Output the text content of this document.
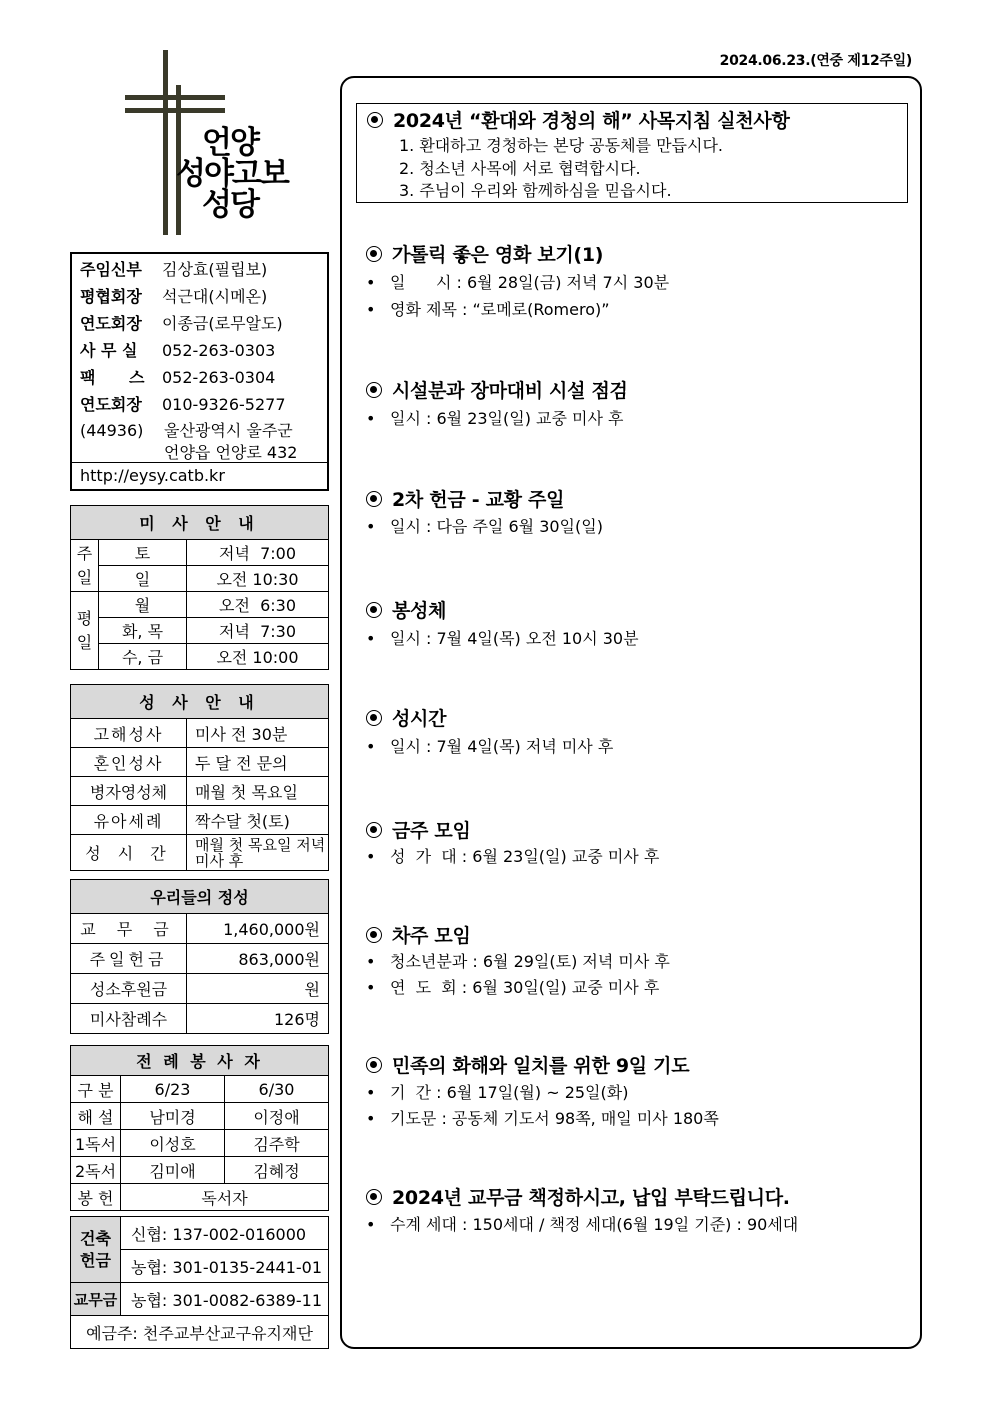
2024.06.23.(연중 제12주일)
언양
성야고보
성당
주임신부 김상효(필립보)
평협회장 석근대(시메온)
연도회장 이종금(로무알도)
사 무 실 052-263-0303
팩 스 052-263-0304
연도회장 010-9326-5277
(44936) 울산광역시 울주군
언양읍 언양로 432
http://eysy.catb.kr
미 사 안 내		

주일	토	저녁  7:00
	일	오전 10:30

평일	월	오전  6:30
	화, 목	저녁  7:30
	수, 금	오전 10:00
성 사 안 내	
고해성사	미사 전 30분
혼인성사	두 달 전 문의
병자영성체	매월 첫 목요일
유아세례	짝수달 첫(토)
성 시 간	매월 첫 목요일 저녁미사 후
우리들의 정성	
교 무 금	1,460,000원
주일헌금	863,000원
성소후원금	원
미사참례수	126명
전 례 봉 사 자		
구 분	6/23	6/30
해 설	남미경	이정애
1독서	이성호	김주학
2독서	김미애	김혜정
봉 헌	독서자	
건축헌금	신협: 137-002-016000
	농협: 301-0135-2441-01
교무금	농협: 301-0082-6389-11
예금주: 천주교부산교구유지재단	
2024년 “환대와 경청의 해” 사목지침 실천사항
1. 환대하고 경청하는 본당 공동체를 만듭시다.
2. 청소년 사목에 서로 협력합시다.
3. 주님이 우리와 함께하심을 믿읍시다.
가톨릭 좋은 영화 보기(1)
• 일      시 : 6월 28일(금) 저녁 7시 30분
• 영화 제목 : “로메로(Romero)”
시설분과 장마대비 시설 점검
• 일시 : 6월 23일(일) 교중 미사 후
2차 헌금 - 교황 주일
• 일시 : 다음 주일 6월 30일(일)
봉성체
• 일시 : 7월 4일(목) 오전 10시 30분
성시간
• 일시 : 7월 4일(목) 저녁 미사 후
금주 모임
• 성  가  대 : 6월 23일(일) 교중 미사 후
차주 모임
• 청소년분과 : 6월 29일(토) 저녁 미사 후
• 연  도  회 : 6월 30일(일) 교중 미사 후
민족의 화해와 일치를 위한 9일 기도
• 기  간 : 6월 17일(월) ~ 25일(화)
• 기도문 : 공동체 기도서 98쪽, 매일 미사 180쪽
2024년 교무금 책정하시고, 납입 부탁드립니다.
• 수계 세대 : 150세대 / 책정 세대(6월 19일 기준) : 90세대
